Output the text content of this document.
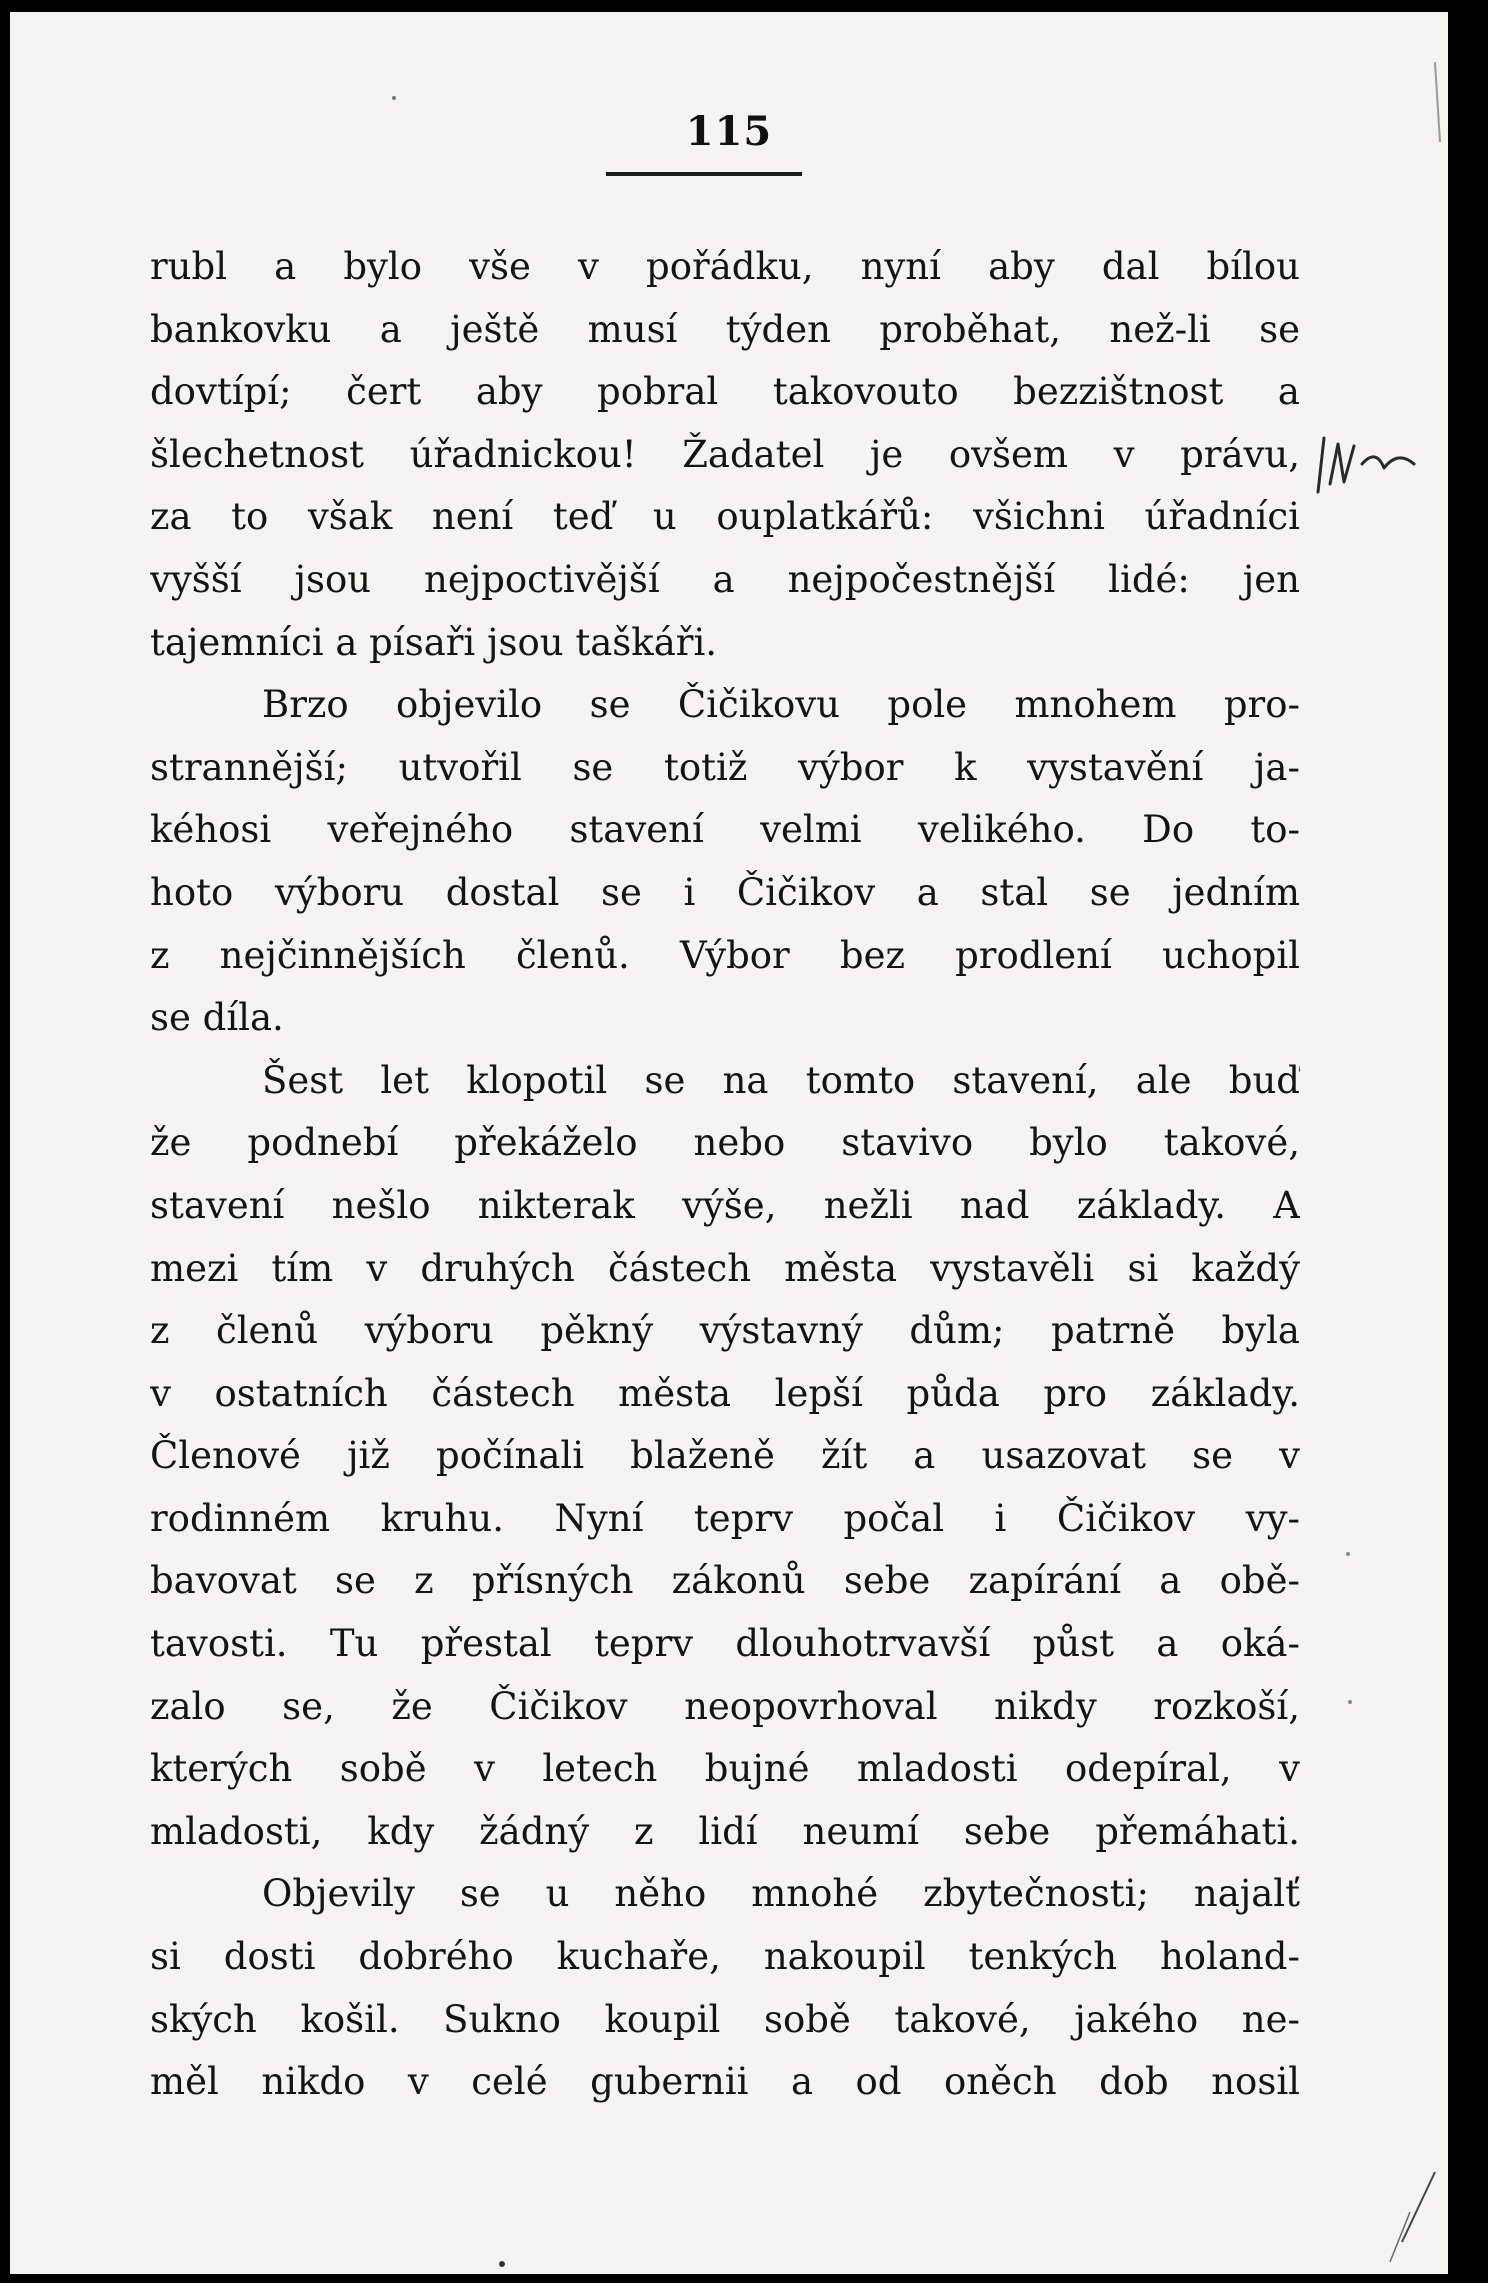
115
rubl a bylo vše v pořádku, nyní aby dal bílou
bankovku a ještě musí týden proběhat, než-li se
dovtípí; čert aby pobral takovouto bezzištnost a
šlechetnost úřadnickou! Žadatel je ovšem v právu,
za to však není teď u ouplatkářů: všichni úřadníci
vyšší jsou nejpoctivější a nejpočestnější lidé: jen
tajemníci a písaři jsou taškáři.
Brzo objevilo se Čičikovu pole mnohem pro-
strannější; utvořil se totiž výbor k vystavění ja-
kéhosi veřejného stavení velmi velikého. Do to-
hoto výboru dostal se i Čičikov a stal se jedním
z nejčinnějších členů. Výbor bez prodlení uchopil
se díla.
Šest let klopotil se na tomto stavení, ale buď
že podnebí překáželo nebo stavivo bylo takové,
stavení nešlo nikterak výše, nežli nad základy. A
mezi tím v druhých částech města vystavěli si každý
z členů výboru pěkný výstavný dům; patrně byla
v ostatních částech města lepší půda pro základy.
Členové již počínali blaženě žít a usazovat se v
rodinném kruhu. Nyní teprv počal i Čičikov vy-
bavovat se z přísných zákonů sebe zapírání a obě-
tavosti. Tu přestal teprv dlouhotrvavší půst a oká-
zalo se, že Čičikov neopovrhoval nikdy rozkoší,
kterých sobě v letech bujné mladosti odepíral, v
mladosti, kdy žádný z lidí neumí sebe přemáhati.
Objevily se u něho mnohé zbytečnosti; najalť
si dosti dobrého kuchaře, nakoupil tenkých holand-
ských košil. Sukno koupil sobě takové, jakého ne-
měl nikdo v celé gubernii a od oněch dob nosil
